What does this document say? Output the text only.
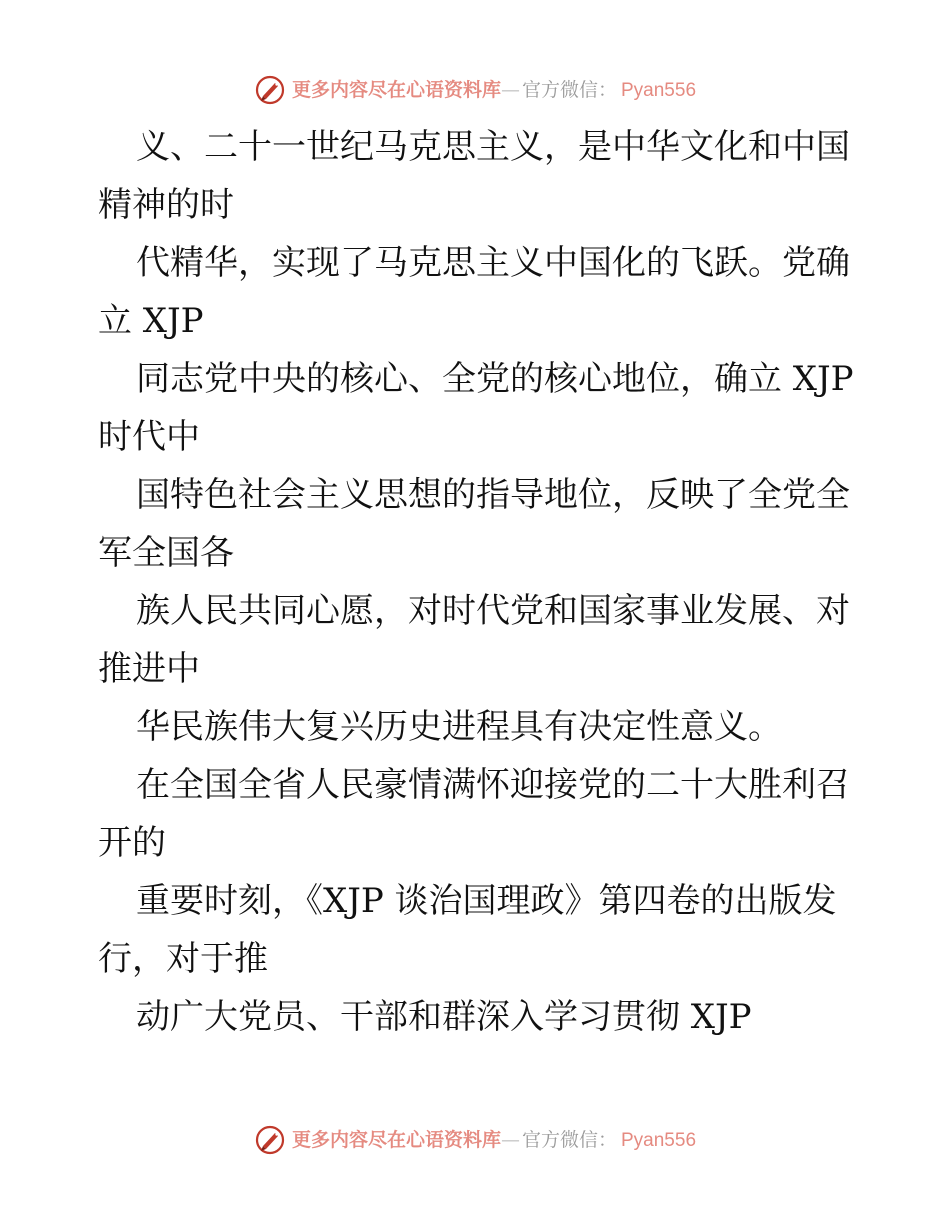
更多内容尽在心语资料库 — 官方微信： Pyan556
义、二十一世纪马克思主义，是中华文化和中国
精神的时
代精华，实现了马克思主义中国化的飞跃。党确
立 XJP
同志党中央的核心、全党的核心地位，确立 XJP
时代中
国特色社会主义思想的指导地位，反映了全党全
军全国各
族人民共同心愿，对时代党和国家事业发展、对
推进中
华民族伟大复兴历史进程具有决定性意义。
在全国全省人民豪情满怀迎接党的二十大胜利召
开的
重要时刻，《XJP 谈治国理政》第四卷的出版发
行，对于推
动广大党员、干部和群深入学习贯彻 XJP
更多内容尽在心语资料库 — 官方微信： Pyan556
